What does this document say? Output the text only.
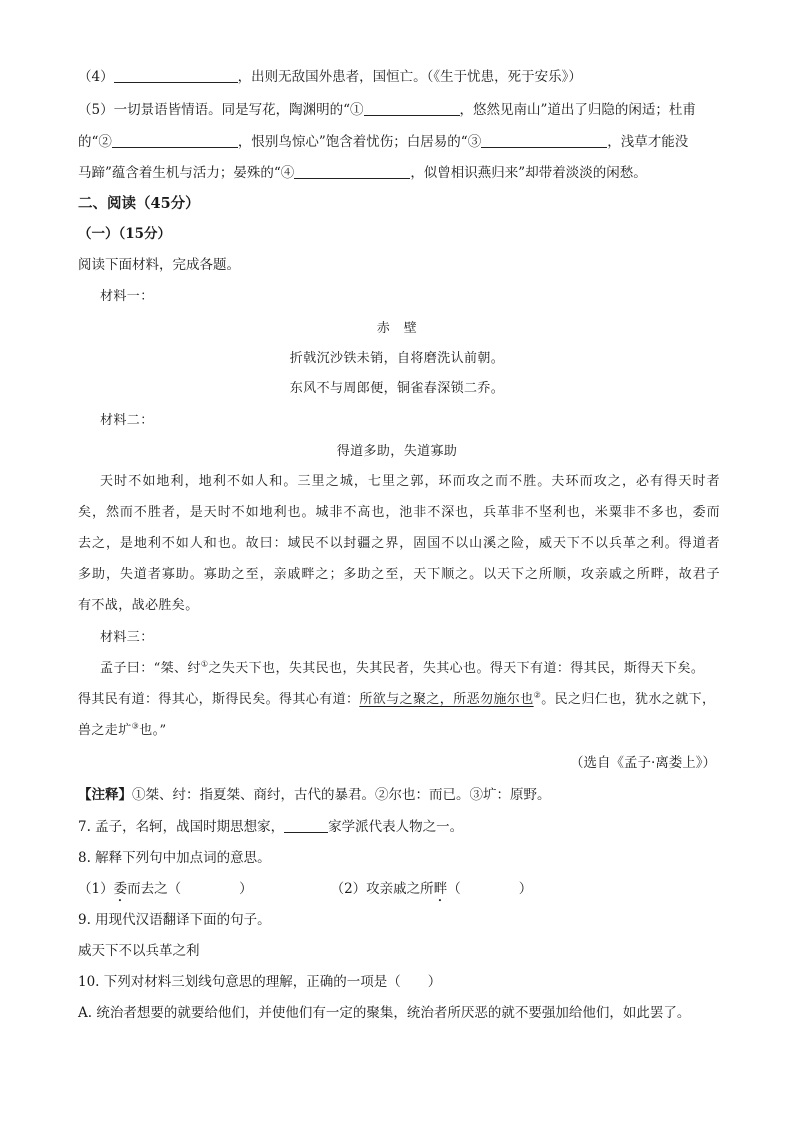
（4）	，出则无敌国外患者，国恒亡。（《生于忧患，死于安乐》）
（5）一切景语皆情语。同是写花，陶渊明的“①	，悠然见南山”道出了归隐的闲适；杜甫
的“②	，恨别鸟惊心”饱含着忧伤；白居易的“③	，浅草才能没
马蹄”蕴含着生机与活力；晏殊的“④	，似曾相识燕归来”却带着淡淡的闲愁。
二、阅读（45分）
（一）（15分）
阅读下面材料，完成各题。
材料一：
赤　壁
折戟沉沙铁未销，自将磨洗认前朝。
东风不与周郎便，铜雀春深锁二乔。
材料二：
得道多助，失道寡助
天时不如地利，地利不如人和。三里之城，七里之郭，环而攻之而不胜。夫环而攻之，必有得天时者
矣，然而不胜者，是天时不如地利也。城非不高也，池非不深也，兵革非不坚利也，米粟非不多也，委而
去之，是地利不如人和也。故曰：域民不以封疆之界，固国不以山溪之险，威天下不以兵革之利。得道者
多助，失道者寡助。寡助之至，亲戚畔之；多助之至，天下顺之。以天下之所顺，攻亲戚之所畔，故君子
有不战，战必胜矣。
材料三：
孟子曰：“桀、纣①之失天下也，失其民也，失其民者，失其心也。得天下有道：得其民，斯得天下矣。
得其民有道：得其心，斯得民矣。得其心有道：所欲与之聚之，所恶勿施尔也②。民之归仁也，犹水之就下，
兽之走圹③也。”
（选自《孟子·离娄上》）
【注释】①桀、纣：指夏桀、商纣，古代的暴君。②尔也：而已。③圹：原野。
7. 孟子，名轲，战国时期思想家，	家学派代表人物之一。
8. 解释下列句中加点词的意思。
（1）委而去之（	）	（2）攻亲戚之所畔（	）
9. 用现代汉语翻译下面的句子。
威天下不以兵革之利
10. 下列对材料三划线句意思的理解，正确的一项是（　　）
A. 统治者想要的就要给他们，并使他们有一定的聚集，统治者所厌恶的就不要强加给他们，如此罢了。
